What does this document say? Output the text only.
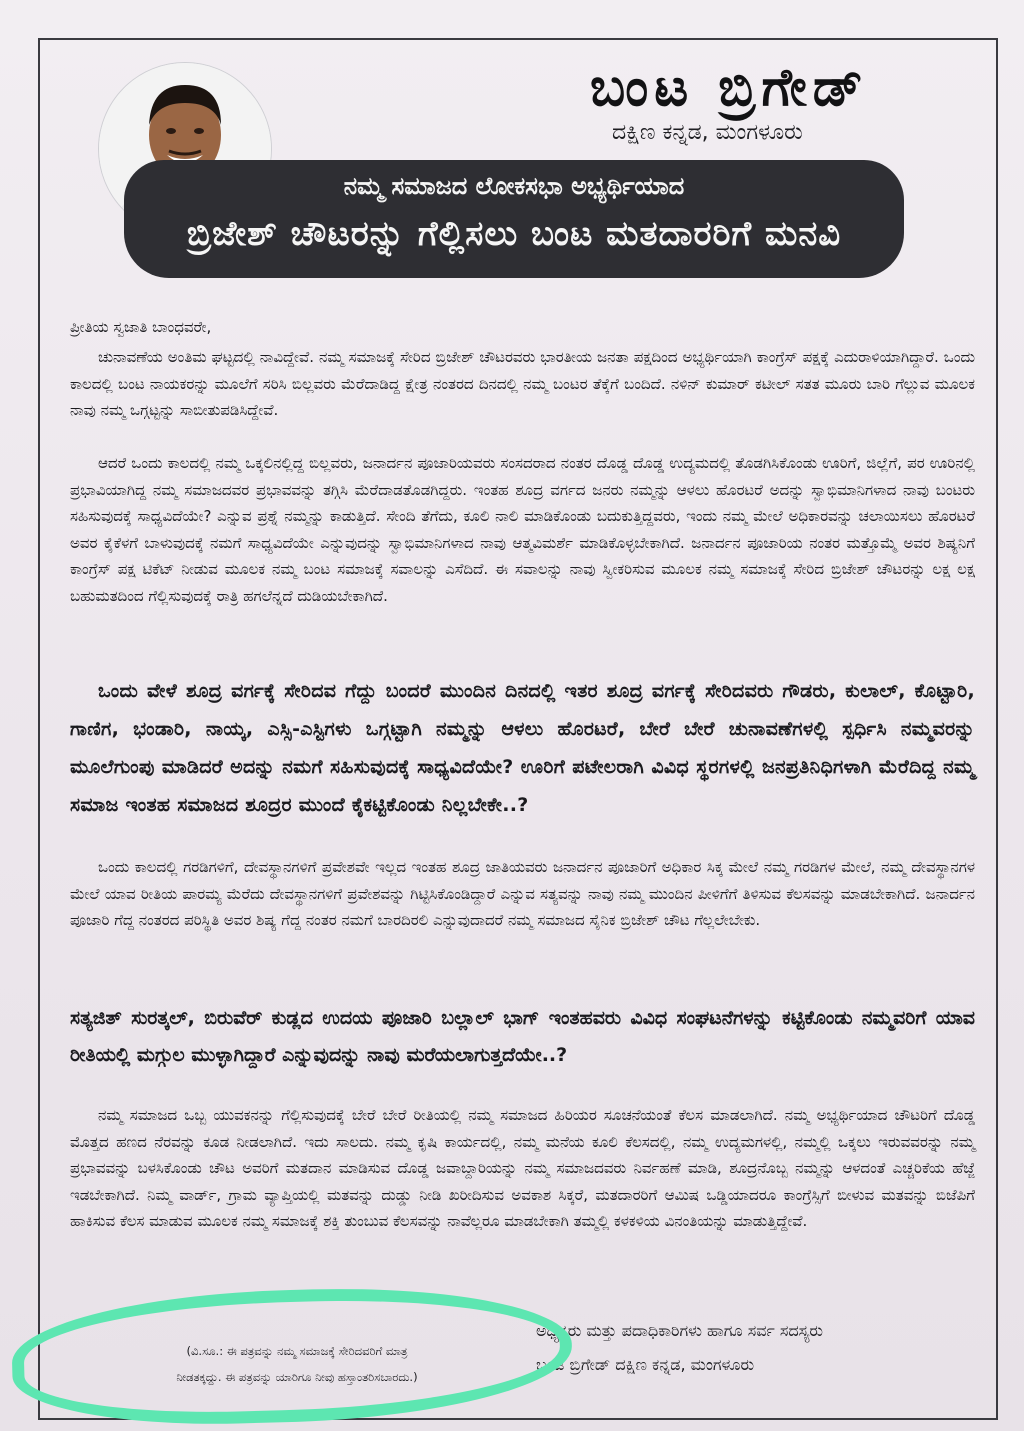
ಬಂಟ ಬ್ರಿಗೇಡ್
ದಕ್ಷಿಣ ಕನ್ನಡ, ಮಂಗಳೂರು
ನಮ್ಮ ಸಮಾಜದ ಲೋಕಸಭಾ ಅಭ್ಯರ್ಥಿಯಾದ
ಬ್ರಿಜೇಶ್ ಚೌಟರನ್ನು ಗೆಲ್ಲಿಸಲು ಬಂಟ ಮತದಾರರಿಗೆ ಮನವಿ
ಪ್ರೀತಿಯ ಸ್ವಜಾತಿ ಬಾಂಧವರೇ,
ಚುನಾವಣೆಯ ಅಂತಿಮ ಘಟ್ಟದಲ್ಲಿ ನಾವಿದ್ದೇವೆ. ನಮ್ಮ ಸಮಾಜಕ್ಕೆ ಸೇರಿದ ಬ್ರಿಜೇಶ್ ಚೌಟರವರು ಭಾರತೀಯ ಜನತಾ ಪಕ್ಷದಿಂದ ಅಭ್ಯರ್ಥಿಯಾಗಿ ಕಾಂಗ್ರೆಸ್ ಪಕ್ಷಕ್ಕೆ ಎದುರಾಳಿಯಾಗಿದ್ದಾರೆ. ಒಂದು ಕಾಲದಲ್ಲಿ ಬಂಟ ನಾಯಕರನ್ನು ಮೂಲೆಗೆ ಸರಿಸಿ ಬಿಲ್ಲವರು ಮೆರೆದಾಡಿದ್ದ ಕ್ಷೇತ್ರ ನಂತರದ ದಿನದಲ್ಲಿ ನಮ್ಮ ಬಂಟರ ತೆಕ್ಕೆಗೆ ಬಂದಿದೆ. ನಳಿನ್ ಕುಮಾರ್ ಕಟೀಲ್ ಸತತ ಮೂರು ಬಾರಿ ಗೆಲ್ಲುವ ಮೂಲಕ ನಾವು ನಮ್ಮ ಒಗ್ಗಟ್ಟನ್ನು ಸಾಬೀತುಪಡಿಸಿದ್ದೇವೆ.
ಆದರೆ ಒಂದು ಕಾಲದಲ್ಲಿ ನಮ್ಮ ಒಕ್ಕಲಿನಲ್ಲಿದ್ದ ಬಿಲ್ಲವರು, ಜನಾರ್ದನ ಪೂಜಾರಿಯವರು ಸಂಸದರಾದ ನಂತರ ದೊಡ್ಡ ದೊಡ್ಡ ಉದ್ಯಮದಲ್ಲಿ ತೊಡಗಿಸಿಕೊಂಡು ಊರಿಗೆ, ಜಿಲ್ಲೆಗೆ, ಪರ ಊರಿನಲ್ಲಿ ಪ್ರಭಾವಿಯಾಗಿದ್ದ ನಮ್ಮ ಸಮಾಜದವರ ಪ್ರಭಾವವನ್ನು ತಗ್ಗಿಸಿ ಮೆರೆದಾಡತೊಡಗಿದ್ದರು. ಇಂತಹ ಶೂದ್ರ ವರ್ಗದ ಜನರು ನಮ್ಮನ್ನು ಆಳಲು ಹೊರಟರೆ ಅದನ್ನು ಸ್ವಾಭಿಮಾನಿಗಳಾದ ನಾವು ಬಂಟರು ಸಹಿಸುವುದಕ್ಕೆ ಸಾಧ್ಯವಿದೆಯೇ? ಎನ್ನುವ ಪ್ರಶ್ನೆ ನಮ್ಮನ್ನು ಕಾಡುತ್ತಿದೆ. ಸೇಂದಿ ತೆಗೆದು, ಕೂಲಿ ನಾಲಿ ಮಾಡಿಕೊಂಡು ಬದುಕುತ್ತಿದ್ದವರು, ಇಂದು ನಮ್ಮ ಮೇಲೆ ಅಧಿಕಾರವನ್ನು ಚಲಾಯಿಸಲು ಹೊರಟರೆ ಅವರ ಕೈಕೆಳಗೆ ಬಾಳುವುದಕ್ಕೆ ನಮಗೆ ಸಾಧ್ಯವಿದೆಯೇ ಎನ್ನುವುದನ್ನು ಸ್ವಾಭಿಮಾನಿಗಳಾದ ನಾವು ಆತ್ಮವಿಮರ್ಶೆ ಮಾಡಿಕೊಳ್ಳಬೇಕಾಗಿದೆ. ಜನಾರ್ದನ ಪೂಜಾರಿಯ ನಂತರ ಮತ್ತೊಮ್ಮೆ ಅವರ ಶಿಷ್ಯನಿಗೆ ಕಾಂಗ್ರೆಸ್ ಪಕ್ಷ ಟಿಕೆಟ್ ನೀಡುವ ಮೂಲಕ ನಮ್ಮ ಬಂಟ ಸಮಾಜಕ್ಕೆ ಸವಾಲನ್ನು ಎಸೆದಿದೆ. ಈ ಸವಾಲನ್ನು ನಾವು ಸ್ವೀಕರಿಸುವ ಮೂಲಕ ನಮ್ಮ ಸಮಾಜಕ್ಕೆ ಸೇರಿದ ಬ್ರಿಜೇಶ್ ಚೌಟರನ್ನು ಲಕ್ಷ ಲಕ್ಷ ಬಹುಮತದಿಂದ ಗೆಲ್ಲಿಸುವುದಕ್ಕೆ ರಾತ್ರಿ ಹಗಲೆನ್ನದೆ ದುಡಿಯಬೇಕಾಗಿದೆ.
ಒಂದು ವೇಳೆ ಶೂದ್ರ ವರ್ಗಕ್ಕೆ ಸೇರಿದವ ಗೆದ್ದು ಬಂದರೆ ಮುಂದಿನ ದಿನದಲ್ಲಿ ಇತರ ಶೂದ್ರ ವರ್ಗಕ್ಕೆ ಸೇರಿದವರು ಗೌಡರು, ಕುಲಾಲ್, ಕೊಟ್ಟಾರಿ, ಗಾಣಿಗ, ಭಂಡಾರಿ, ನಾಯ್ಕ, ಎಸ್ಸಿ-ಎಸ್ಟಿಗಳು ಒಗ್ಗಟ್ಟಾಗಿ ನಮ್ಮನ್ನು ಆಳಲು ಹೊರಟರೆ, ಬೇರೆ ಬೇರೆ ಚುನಾವಣೆಗಳಲ್ಲಿ ಸ್ಪರ್ಧಿಸಿ ನಮ್ಮವರನ್ನು ಮೂಲೆಗುಂಪು ಮಾಡಿದರೆ ಅದನ್ನು ನಮಗೆ ಸಹಿಸುವುದಕ್ಕೆ ಸಾಧ್ಯವಿದೆಯೇ? ಊರಿಗೆ ಪಟೇಲರಾಗಿ ವಿವಿಧ ಸ್ಥರಗಳಲ್ಲಿ ಜನಪ್ರತಿನಿಧಿಗಳಾಗಿ ಮೆರೆದಿದ್ದ ನಮ್ಮ ಸಮಾಜ ಇಂತಹ ಸಮಾಜದ ಶೂದ್ರರ ಮುಂದೆ ಕೈಕಟ್ಟಿಕೊಂಡು ನಿಲ್ಲಬೇಕೇ..?
ಒಂದು ಕಾಲದಲ್ಲಿ ಗರಡಿಗಳಿಗೆ, ದೇವಸ್ಥಾನಗಳಿಗೆ ಪ್ರವೇಶವೇ ಇಲ್ಲದ ಇಂತಹ ಶೂದ್ರ ಜಾತಿಯವರು ಜನಾರ್ದನ ಪೂಜಾರಿಗೆ ಅಧಿಕಾರ ಸಿಕ್ಕ ಮೇಲೆ ನಮ್ಮ ಗರಡಿಗಳ ಮೇಲೆ, ನಮ್ಮ ದೇವಸ್ಥಾನಗಳ ಮೇಲೆ ಯಾವ ರೀತಿಯ ಪಾರಮ್ಯ ಮೆರೆದು ದೇವಸ್ಥಾನಗಳಿಗೆ ಪ್ರವೇಶವನ್ನು ಗಿಟ್ಟಿಸಿಕೊಂಡಿದ್ದಾರೆ ಎನ್ನುವ ಸತ್ಯವನ್ನು ನಾವು ನಮ್ಮ ಮುಂದಿನ ಪೀಳಿಗೆಗೆ ತಿಳಿಸುವ ಕೆಲಸವನ್ನು ಮಾಡಬೇಕಾಗಿದೆ. ಜನಾರ್ದನ ಪೂಜಾರಿ ಗೆದ್ದ ನಂತರದ ಪರಿಸ್ಥಿತಿ ಅವರ ಶಿಷ್ಯ ಗೆದ್ದ ನಂತರ ನಮಗೆ ಬಾರದಿರಲಿ ಎನ್ನುವುದಾದರೆ ನಮ್ಮ ಸಮಾಜದ ಸೈನಿಕ ಬ್ರಿಜೇಶ್ ಚೌಟ ಗೆಲ್ಲಲೇಬೇಕು.
ಸತ್ಯಜಿತ್ ಸುರತ್ಕಲ್, ಬಿರುವೆರ್ ಕುಡ್ಲದ ಉದಯ ಪೂಜಾರಿ ಬಲ್ಲಾಲ್ ಭಾಗ್ ಇಂತಹವರು ವಿವಿಧ ಸಂಘಟನೆಗಳನ್ನು ಕಟ್ಟಿಕೊಂಡು ನಮ್ಮವರಿಗೆ ಯಾವ ರೀತಿಯಲ್ಲಿ ಮಗ್ಗುಲ ಮುಳ್ಳಾಗಿದ್ದಾರೆ ಎನ್ನುವುದನ್ನು ನಾವು ಮರೆಯಲಾಗುತ್ತದೆಯೇ..?
ನಮ್ಮ ಸಮಾಜದ ಒಬ್ಬ ಯುವಕನನ್ನು ಗೆಲ್ಲಿಸುವುದಕ್ಕೆ ಬೇರೆ ಬೇರೆ ರೀತಿಯಲ್ಲಿ ನಮ್ಮ ಸಮಾಜದ ಹಿರಿಯರ ಸೂಚನೆಯಂತೆ ಕೆಲಸ ಮಾಡಲಾಗಿದೆ. ನಮ್ಮ ಅಭ್ಯರ್ಥಿಯಾದ ಚೌಟರಿಗೆ ದೊಡ್ಡ ಮೊತ್ತದ ಹಣದ ನೆರವನ್ನು ಕೂಡ ನೀಡಲಾಗಿದೆ. ಇದು ಸಾಲದು. ನಮ್ಮ ಕೃಷಿ ಕಾರ್ಯದಲ್ಲಿ, ನಮ್ಮ ಮನೆಯ ಕೂಲಿ ಕೆಲಸದಲ್ಲಿ, ನಮ್ಮ ಉದ್ಯಮಗಳಲ್ಲಿ, ನಮ್ಮಲ್ಲಿ ಒಕ್ಕಲು ಇರುವವರನ್ನು ನಮ್ಮ ಪ್ರಭಾವವನ್ನು ಬಳಸಿಕೊಂಡು ಚೌಟ ಅವರಿಗೆ ಮತದಾನ ಮಾಡಿಸುವ ದೊಡ್ಡ ಜವಾಬ್ದಾರಿಯನ್ನು ನಮ್ಮ ಸಮಾಜದವರು ನಿರ್ವಹಣೆ ಮಾಡಿ, ಶೂದ್ರನೊಬ್ಬ ನಮ್ಮನ್ನು ಆಳದಂತೆ ಎಚ್ಚರಿಕೆಯ ಹೆಜ್ಜೆ ಇಡಬೇಕಾಗಿದೆ. ನಿಮ್ಮ ವಾರ್ಡ್, ಗ್ರಾಮ ವ್ಯಾಪ್ತಿಯಲ್ಲಿ ಮತವನ್ನು ದುಡ್ಡು ನೀಡಿ ಖರೀದಿಸುವ ಅವಕಾಶ ಸಿಕ್ಕರೆ, ಮತದಾರರಿಗೆ ಆಮಿಷ ಒಡ್ಡಿಯಾದರೂ ಕಾಂಗ್ರೆಸ್ಸಿಗೆ ಬೀಳುವ ಮತವನ್ನು ಬಿಜೆಪಿಗೆ ಹಾಕಿಸುವ ಕೆಲಸ ಮಾಡುವ ಮೂಲಕ ನಮ್ಮ ಸಮಾಜಕ್ಕೆ ಶಕ್ತಿ ತುಂಬುವ ಕೆಲಸವನ್ನು ನಾವೆಲ್ಲರೂ ಮಾಡಬೇಕಾಗಿ ತಮ್ಮಲ್ಲಿ ಕಳಕಳಿಯ ವಿನಂತಿಯನ್ನು ಮಾಡುತ್ತಿದ್ದೇವೆ.
ಅಧ್ಯಕ್ಷರು ಮತ್ತು ಪದಾಧಿಕಾರಿಗಳು ಹಾಗೂ ಸರ್ವ ಸದಸ್ಯರು
ಬಂಟ ಬ್ರಿಗೇಡ್ ದಕ್ಷಿಣ ಕನ್ನಡ, ಮಂಗಳೂರು
(ವಿ.ಸೂ.: ಈ ಪತ್ರವನ್ನು ನಮ್ಮ ಸಮಾಜಕ್ಕೆ ಸೇರಿದವರಿಗೆ ಮಾತ್ರ
ನೀಡತಕ್ಕದ್ದು. ಈ ಪತ್ರವನ್ನು ಯಾರಿಗೂ ನೀವು ಹಸ್ತಾಂತರಿಸಬಾರದು.)
